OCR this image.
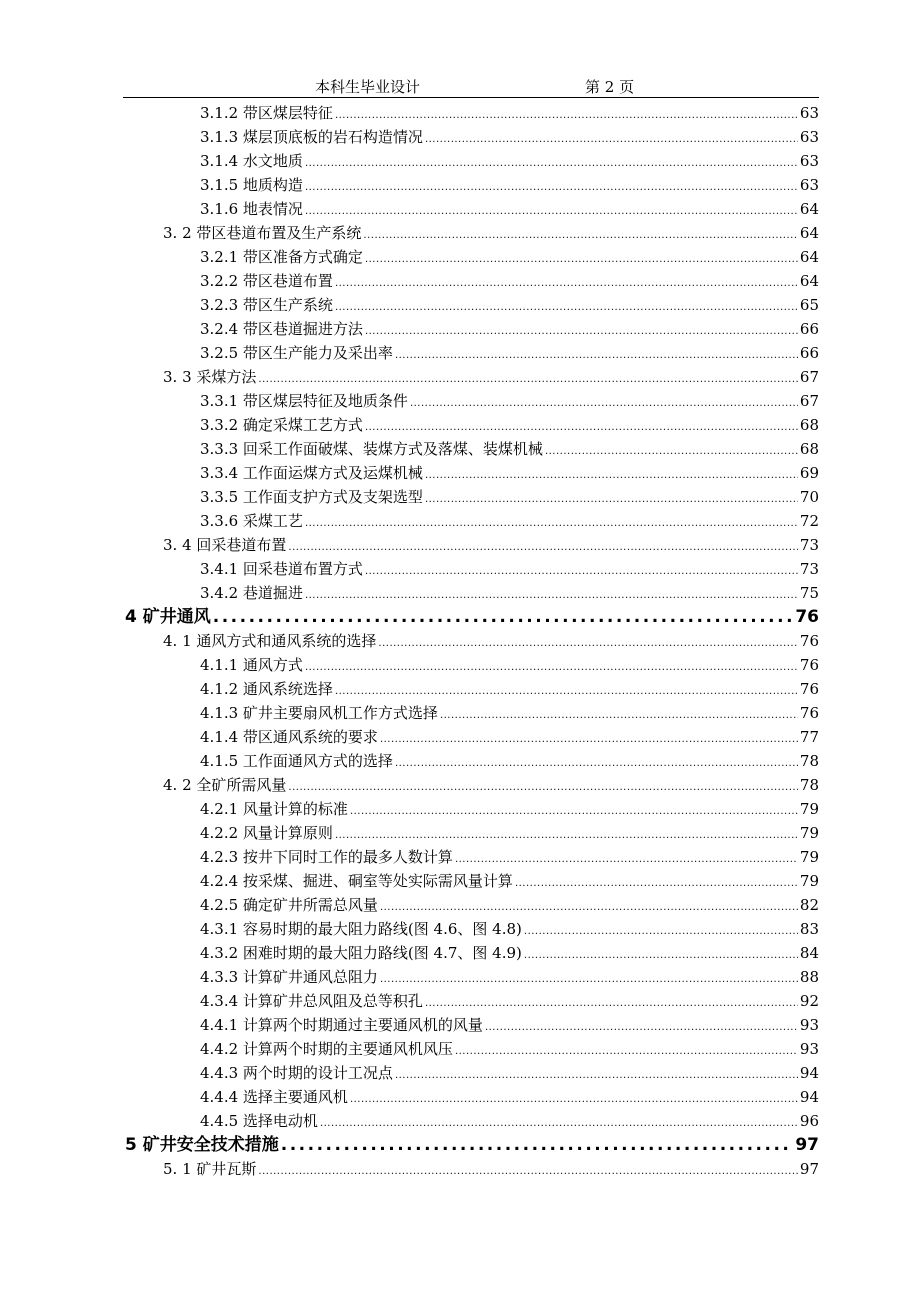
本科生毕业设计	第 2 页
3.1.2 带区煤层特征 .....	63
3.1.3 煤层顶底板的岩石构造情况 .....	63
3.1.4 水文地质 .....	63
3.1.5 地质构造 .....	63
3.1.6 地表情况 .....	64
3. 2 带区巷道布置及生产系统 .....	64
3.2.1 带区准备方式确定 .....	64
3.2.2 带区巷道布置 .....	64
3.2.3 带区生产系统 .....	65
3.2.4 带区巷道掘进方法 .....	66
3.2.5 带区生产能力及采出率 .....	66
3. 3 采煤方法 .....	67
3.3.1 带区煤层特征及地质条件 .....	67
3.3.2 确定采煤工艺方式 .....	68
3.3.3 回采工作面破煤、装煤方式及落煤、装煤机械 .....	68
3.3.4 工作面运煤方式及运煤机械 .....	69
3.3.5 工作面支护方式及支架选型 .....	70
3.3.6 采煤工艺 .....	72
3. 4 回采巷道布置 .....	73
3.4.1 回采巷道布置方式 .....	73
3.4.2 巷道掘进 .....	75
4 矿井通风 .....	76
4. 1 通风方式和通风系统的选择 .....	76
4.1.1 通风方式 .....	76
4.1.2 通风系统选择 .....	76
4.1.3 矿井主要扇风机工作方式选择 .....	76
4.1.4 带区通风系统的要求 .....	77
4.1.5 工作面通风方式的选择 .....	78
4. 2 全矿所需风量 .....	78
4.2.1 风量计算的标准 .....	79
4.2.2 风量计算原则 .....	79
4.2.3 按井下同时工作的最多人数计算 .....	79
4.2.4 按采煤、掘进、硐室等处实际需风量计算 .....	79
4.2.5 确定矿井所需总风量 .....	82
4.3.1 容易时期的最大阻力路线(图 4.6、图 4.8) .....	83
4.3.2 困难时期的最大阻力路线(图 4.7、图 4.9) .....	84
4.3.3 计算矿井通风总阻力 .....	88
4.3.4 计算矿井总风阻及总等积孔 .....	92
4.4.1 计算两个时期通过主要通风机的风量 .....	93
4.4.2 计算两个时期的主要通风机风压 .....	93
4.4.3 两个时期的设计工况点 .....	94
4.4.4 选择主要通风机 .....	94
4.4.5 选择电动机 .....	96
5 矿井安全技术措施 .....	97
5. 1 矿井瓦斯 .....	97
